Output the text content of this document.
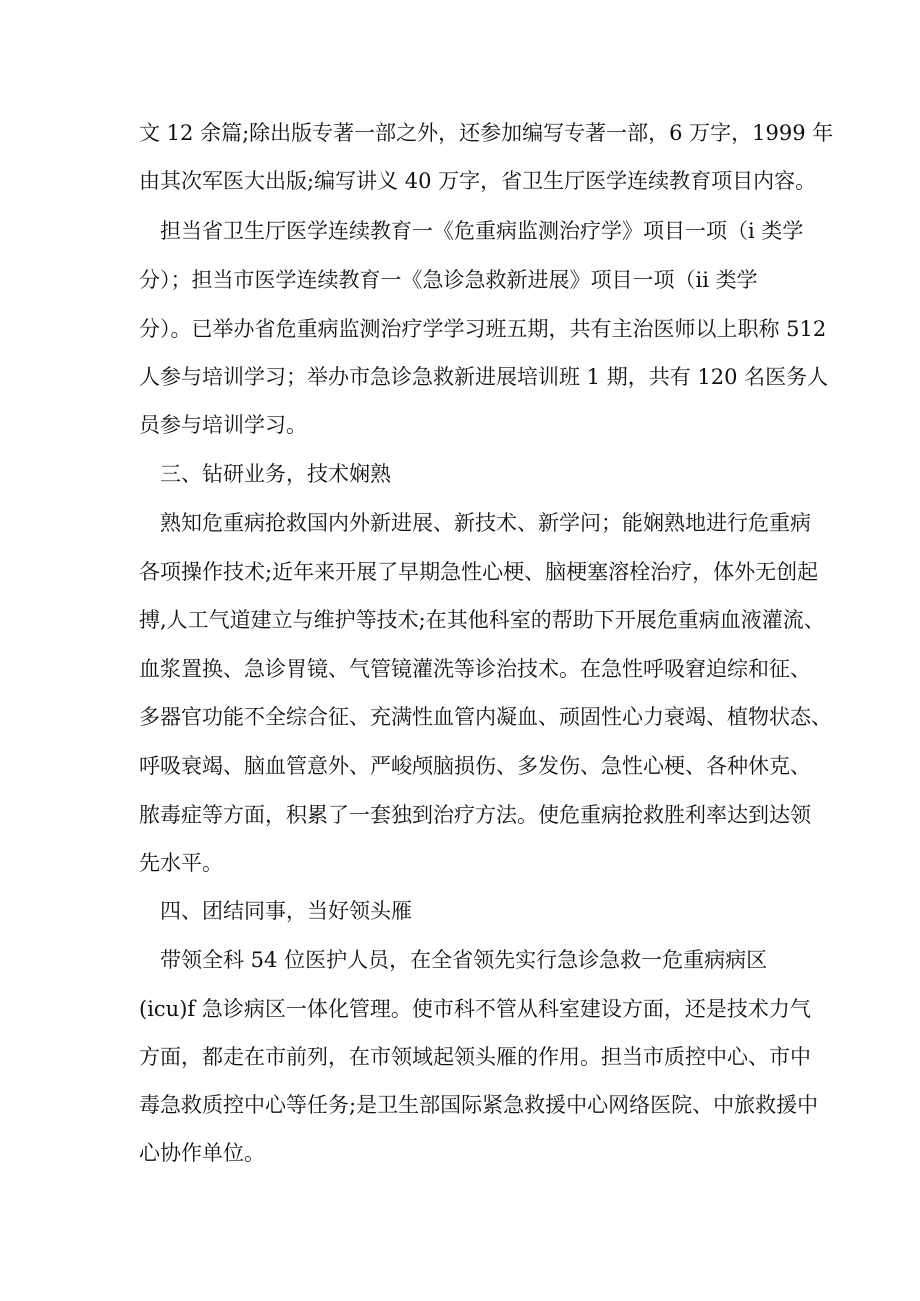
文 12 余篇;除出版专著一部之外，还参加编写专著一部，6 万字，1999 年
由其次军医大出版;编写讲义 40 万字，省卫生厅医学连续教育项目内容。
担当省卫生厅医学连续教育一《危重病监测治疗学》项目一项（i 类学
分）；担当市医学连续教育一《急诊急救新进展》项目一项（ii 类学
分）。已举办省危重病监测治疗学学习班五期，共有主治医师以上职称 512
人参与培训学习；举办市急诊急救新进展培训班 1 期，共有 120 名医务人
员参与培训学习。
三、钻研业务，技术娴熟
熟知危重病抢救国内外新进展、新技术、新学问；能娴熟地进行危重病
各项操作技术;近年来开展了早期急性心梗、脑梗塞溶栓治疗，体外无创起
搏,人工气道建立与维护等技术;在其他科室的帮助下开展危重病血液灌流、
血浆置换、急诊胃镜、气管镜灌洗等诊治技术。在急性呼吸窘迫综和征、
多器官功能不全综合征、充满性血管内凝血、顽固性心力衰竭、植物状态、
呼吸衰竭、脑血管意外、严峻颅脑损伤、多发伤、急性心梗、各种休克、
脓毒症等方面，积累了一套独到治疗方法。使危重病抢救胜利率达到达领
先水平。
四、团结同事，当好领头雁
带领全科 54 位医护人员，在全省领先实行急诊急救一危重病病区
(icu)f 急诊病区一体化管理。使市科不管从科室建设方面，还是技术力气
方面，都走在市前列，在市领域起领头雁的作用。担当市质控中心、市中
毒急救质控中心等任务;是卫生部国际紧急救援中心网络医院、中旅救援中
心协作单位。
